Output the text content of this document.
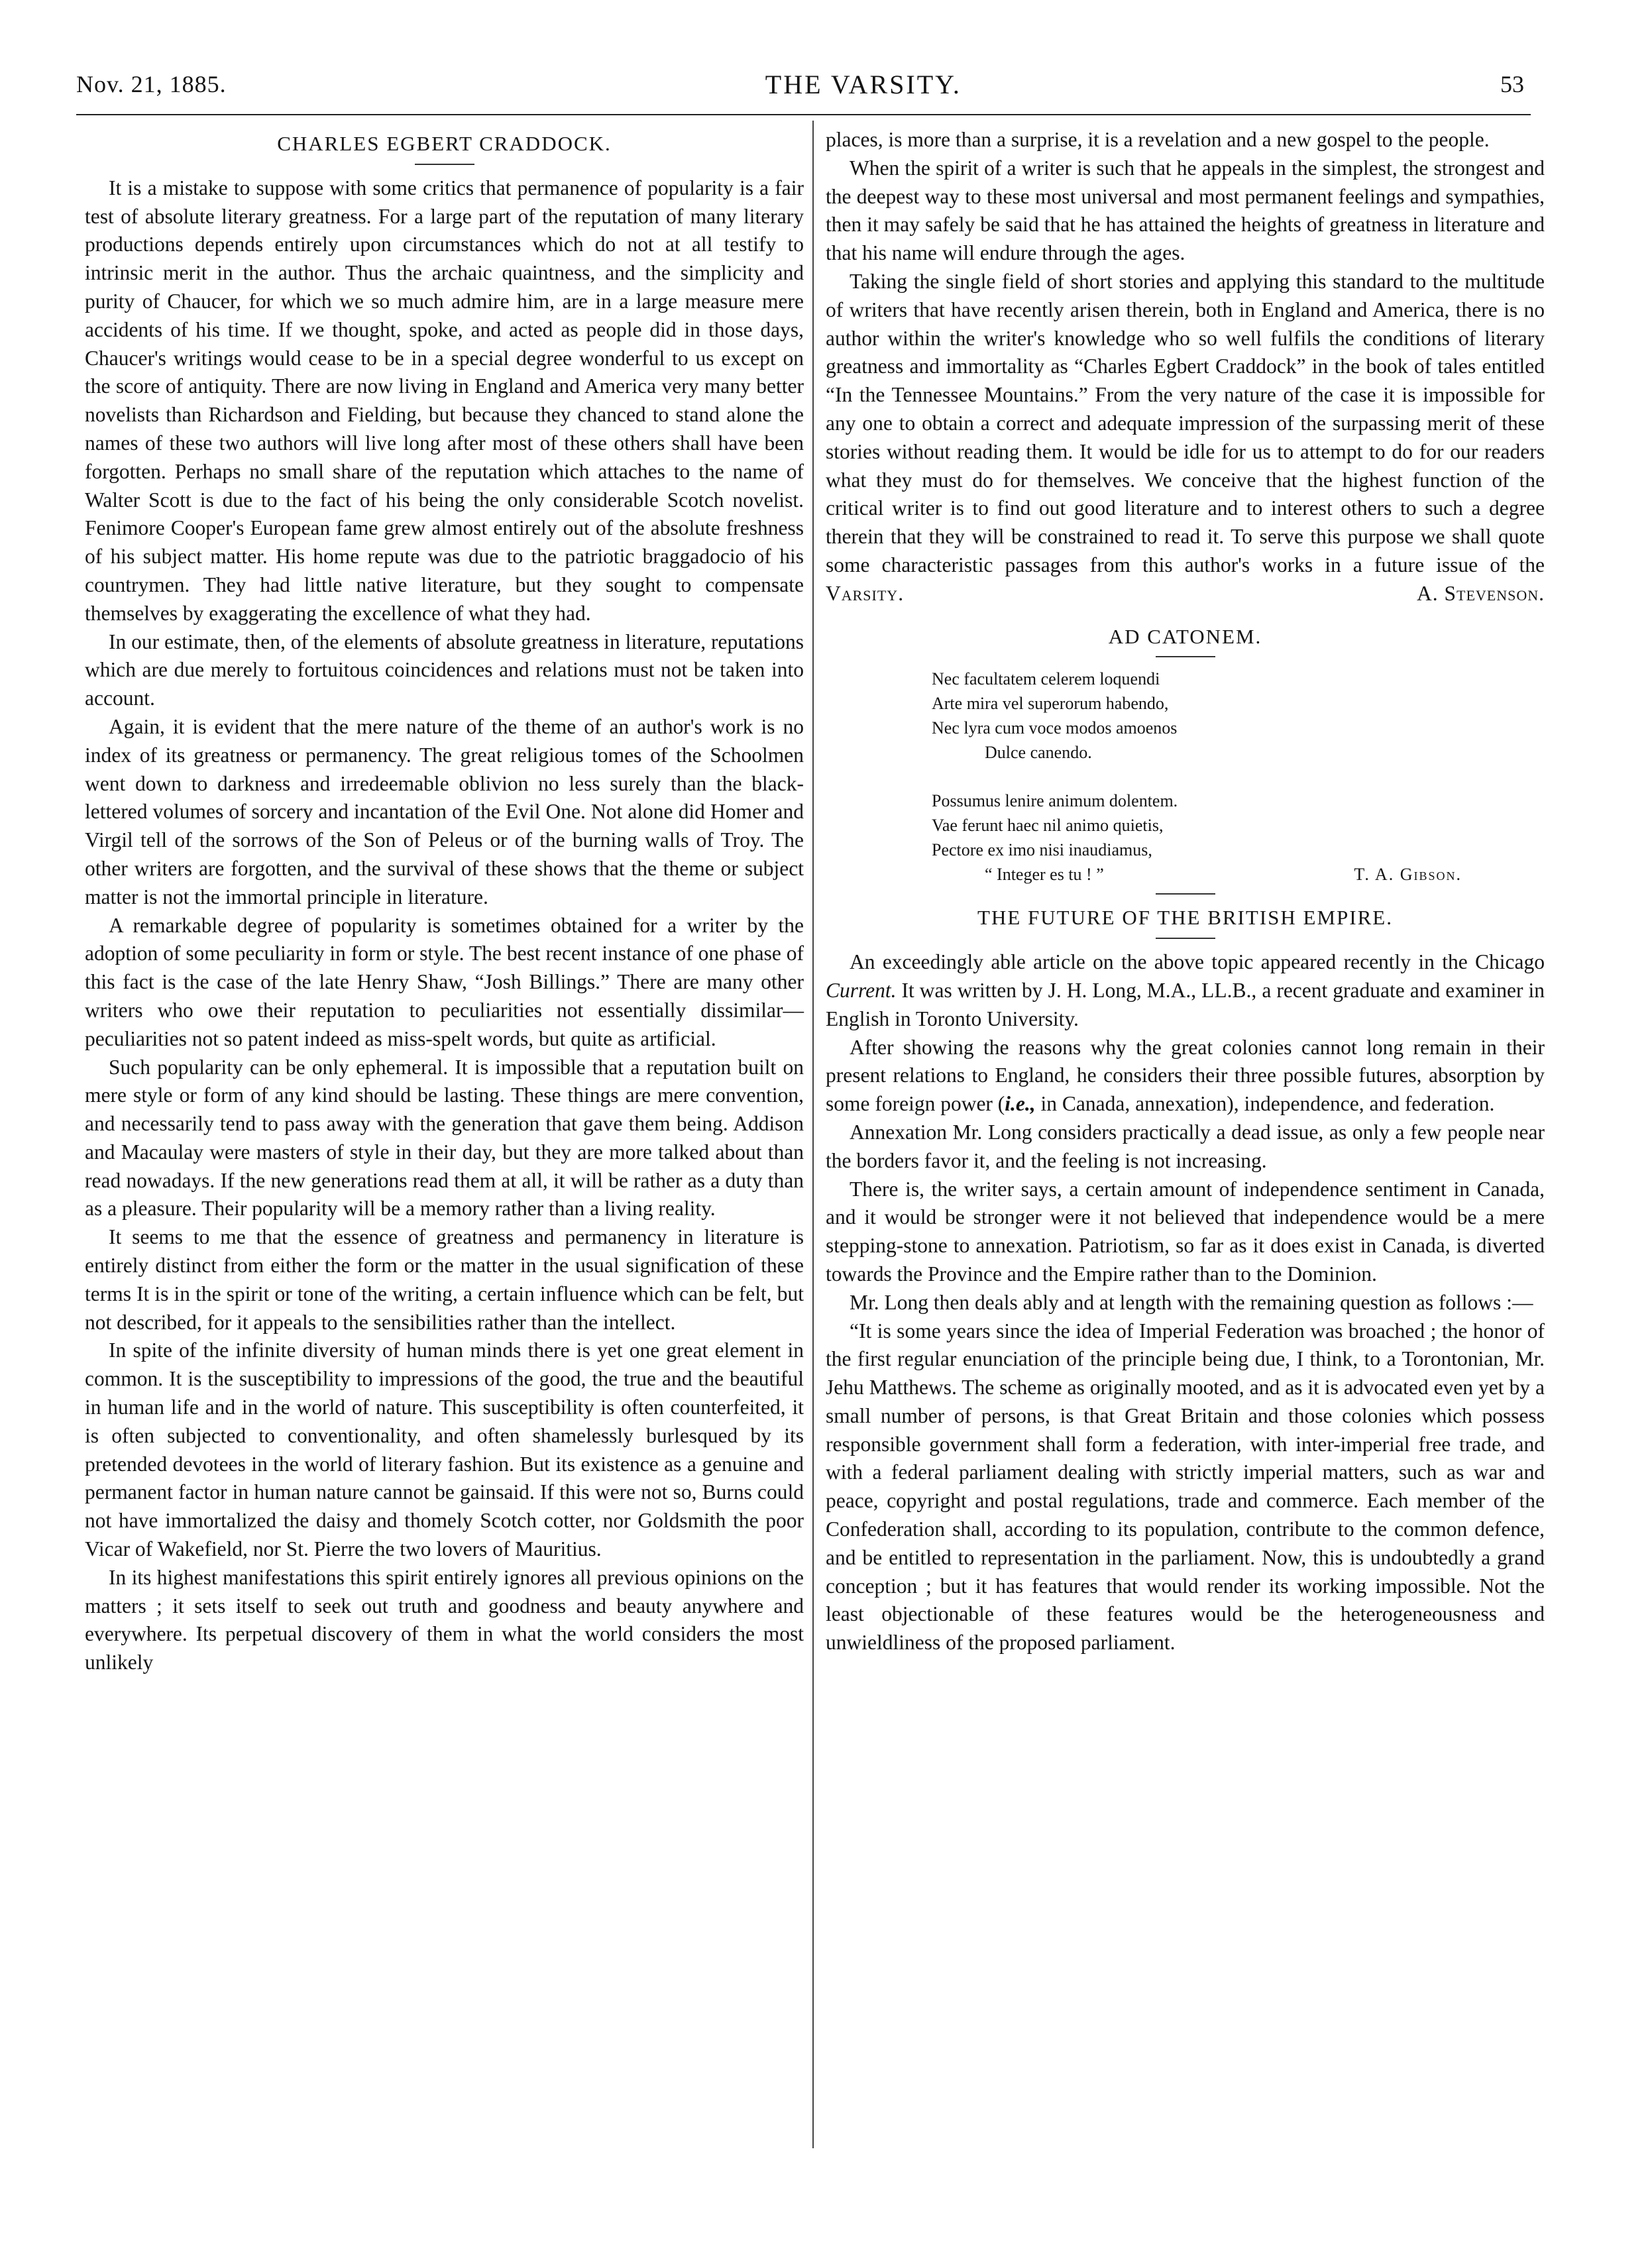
Nov. 21, 1885.	THE VARSITY.	53
CHARLES EGBERT CRADDOCK.

It is a mistake to suppose with some critics that permanence of popularity is a fair test of absolute literary greatness. For a large part of the reputation of many literary productions depends entirely upon circumstances which do not at all testify to intrinsic merit in the author. Thus the archaic quaintness, and the simplicity and purity of Chaucer, for which we so much admire him, are in a large measure mere accidents of his time. If we thought, spoke, and acted as people did in those days, Chaucer's writings would cease to be in a special degree wonderful to us except on the score of antiquity. There are now living in England and America very many better novelists than Richardson and Fielding, but because they chanced to stand alone the names of these two authors will live long after most of these others shall have been forgotten. Perhaps no small share of the reputation which attaches to the name of Walter Scott is due to the fact of his being the only considerable Scotch novelist. Fenimore Cooper's European fame grew almost entirely out of the absolute freshness of his subject matter. His home repute was due to the patriotic braggadocio of his countrymen. They had little native literature, but they sought to compensate themselves by exaggerating the excellence of what they had.

In our estimate, then, of the elements of absolute greatness in literature, reputations which are due merely to fortuitous coincidences and relations must not be taken into account.

Again, it is evident that the mere nature of the theme of an author's work is no index of its greatness or permanency. The great religious tomes of the Schoolmen went down to darkness and irredeemable oblivion no less surely than the black-lettered volumes of sorcery and incantation of the Evil One. Not alone did Homer and Virgil tell of the sorrows of the Son of Peleus or of the burning walls of Troy. The other writers are forgotten, and the survival of these shows that the theme or subject matter is not the immortal principle in literature.

A remarkable degree of popularity is sometimes obtained for a writer by the adoption of some peculiarity in form or style. The best recent instance of one phase of this fact is the case of the late Henry Shaw, “Josh Billings.” There are many other writers who owe their reputation to peculiarities not essentially dissimilar—peculiarities not so patent indeed as miss-spelt words, but quite as artificial.

Such popularity can be only ephemeral. It is impossible that a reputation built on mere style or form of any kind should be lasting. These things are mere convention, and necessarily tend to pass away with the generation that gave them being. Addison and Macaulay were masters of style in their day, but they are more talked about than read nowadays. If the new generations read them at all, it will be rather as a duty than as a pleasure. Their popularity will be a memory rather than a living reality.

It seems to me that the essence of greatness and permanency in literature is entirely distinct from either the form or the matter in the usual signification of these terms It is in the spirit or tone of the writing, a certain influence which can be felt, but not described, for it appeals to the sensibilities rather than the intellect.

In spite of the infinite diversity of human minds there is yet one great element in common. It is the susceptibility to impressions of the good, the true and the beautiful in human life and in the world of nature. This susceptibility is often counterfeited, it is often subjected to conventionality, and often shamelessly burlesqued by its pretended devotees in the world of literary fashion. But its existence as a genuine and permanent factor in human nature cannot be gainsaid. If this were not so, Burns could not have immortalized the daisy and thomely Scotch cotter, nor Goldsmith the poor Vicar of Wakefield, nor St. Pierre the two lovers of Mauritius.

In its highest manifestations this spirit entirely ignores all previous opinions on the matters ; it sets itself to seek out truth and goodness and beauty anywhere and everywhere. Its perpetual discovery of them in what the world considers the most unlikely

places, is more than a surprise, it is a revelation and a new gospel to the people.

When the spirit of a writer is such that he appeals in the simplest, the strongest and the deepest way to these most universal and most permanent feelings and sympathies, then it may safely be said that he has attained the heights of greatness in literature and that his name will endure through the ages.

Taking the single field of short stories and applying this standard to the multitude of writers that have recently arisen therein, both in England and America, there is no author within the writer's knowledge who so well fulfils the conditions of literary greatness and immortality as “Charles Egbert Craddock” in the book of tales entitled “In the Tennessee Mountains.” From the very nature of the case it is impossible for any one to obtain a correct and adequate impression of the surpassing merit of these stories without reading them. It would be idle for us to attempt to do for our readers what they must do for themselves. We conceive that the highest function of the critical writer is to find out good literature and to interest others to such a degree therein that they will be constrained to read it. To serve this purpose we shall quote some characteristic passages from this author's works in a future issue of the Varsity.	A. Stevenson.

AD CATONEM.
Nec facultatem celerem loquendi
Arte mira vel superorum habendo,
Nec lyra cum voce modos amoenos
Dulce canendo.
Possumus lenire animum dolentem.
Vae ferunt haec nil animo quietis,
Pectore ex imo nisi inaudiamus,
“ Integer es tu ! ”	T. A. Gibson.
THE FUTURE OF THE BRITISH EMPIRE.

An exceedingly able article on the above topic appeared recently in the Chicago Current. It was written by J. H. Long, M.A., LL.B., a recent graduate and examiner in English in Toronto University.

After showing the reasons why the great colonies cannot long remain in their present relations to England, he considers their three possible futures, absorption by some foreign power (i.e., in Canada, annexation), independence, and federation.

Annexation Mr. Long considers practically a dead issue, as only a few people near the borders favor it, and the feeling is not increasing.

There is, the writer says, a certain amount of independence sentiment in Canada, and it would be stronger were it not believed that independence would be a mere stepping-stone to annexation. Patriotism, so far as it does exist in Canada, is diverted towards the Province and the Empire rather than to the Dominion.

Mr. Long then deals ably and at length with the remaining question as follows :—

“It is some years since the idea of Imperial Federation was broached ; the honor of the first regular enunciation of the principle being due, I think, to a Torontonian, Mr. Jehu Matthews. The scheme as originally mooted, and as it is advocated even yet by a small number of persons, is that Great Britain and those colonies which possess responsible government shall form a federation, with inter-imperial free trade, and with a federal parliament dealing with strictly imperial matters, such as war and peace, copyright and postal regulations, trade and commerce. Each member of the Confederation shall, according to its population, contribute to the common defence, and be entitled to representation in the parliament. Now, this is undoubtedly a grand conception ; but it has features that would render its working impossible. Not the least objectionable of these features would be the heterogeneousness and unwieldliness of the proposed parliament.
